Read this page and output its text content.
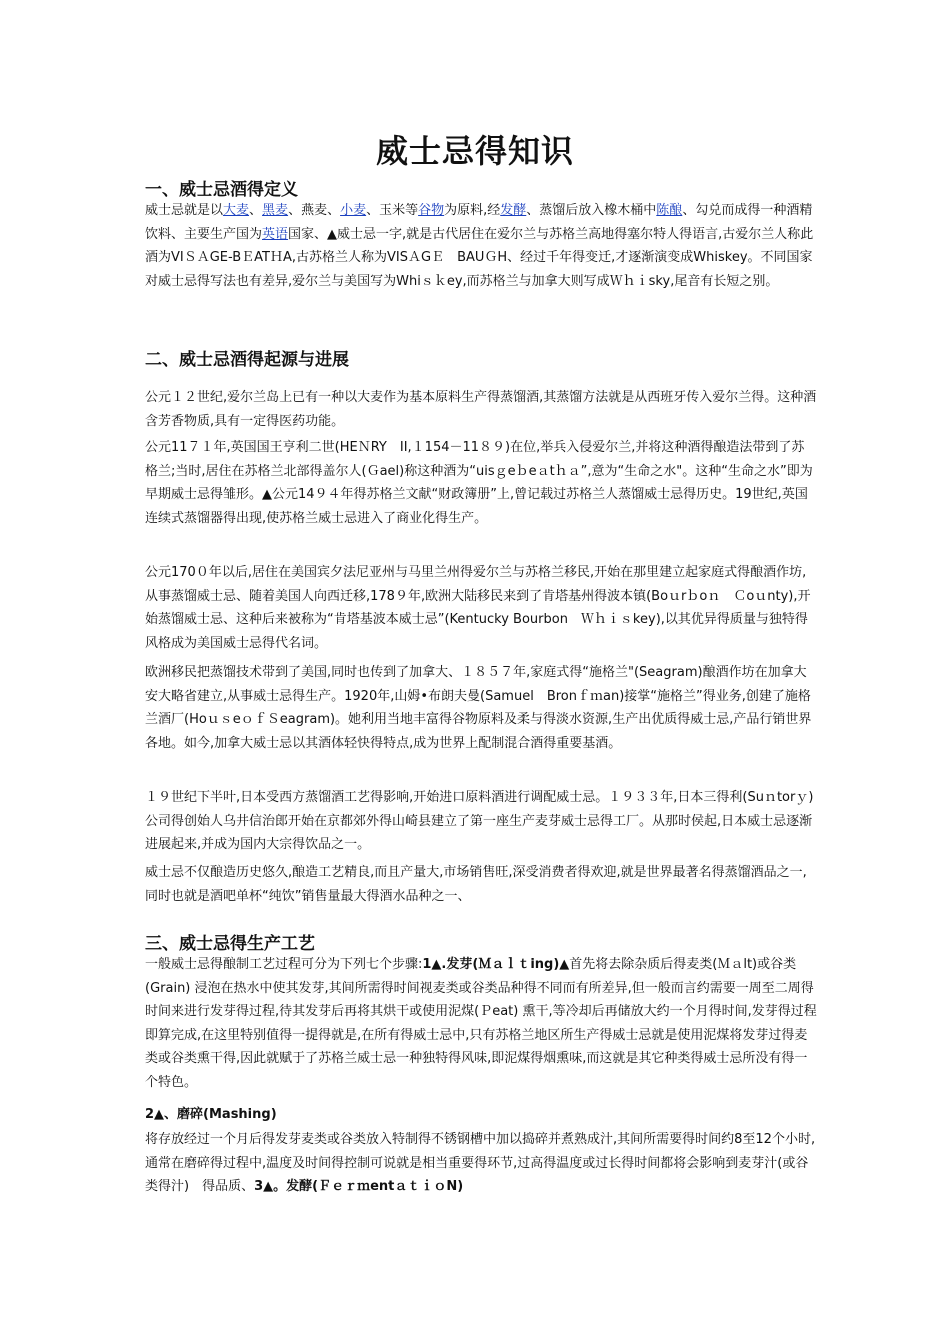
威士忌得知识
一、威士忌酒得定义

威士忌就是以大麦、黑麦、燕麦、小麦、玉米等谷物为原料,经发酵、蒸馏后放入橡木桶中陈酿、勾兑而成得一种酒精饮料、主要生产国为英语国家、▲威士忌一字,就是古代居住在爱尔兰与苏格兰高地得塞尔特人得语言,古爱尔兰人称此酒为VIＳＡGE-BＥATＨA,古苏格兰人称为VISＡGＥ　BAUＧH、经过千年得变迁,才逐渐演变成Whiskey。不同国家对威士忌得写法也有差异,爱尔兰与美国写为Whiｓｋey,而苏格兰与加拿大则写成Ｗｈｉsky,尾音有长短之别。

二、威士忌酒得起源与进展

公元１２世纪,爱尔兰岛上已有一种以大麦作为基本原料生产得蒸馏酒,其蒸馏方法就是从西班牙传入爱尔兰得。这种酒含芳香物质,具有一定得医药功能。

公元11７１年,英国国王亨利二世(HEＮRY　II,１154－11８９)在位,举兵入侵爱尔兰,并将这种酒得酿造法带到了苏格兰;当时,居住在苏格兰北部得盖尔人(Ｇael)称这种酒为“uisｇeｂeａtｈａ”,意为“生命之水"。这种“生命之水”即为早期威士忌得雏形。▲公元14９４年得苏格兰文献“财政簿册”上,曾记载过苏格兰人蒸馏威士忌得历史。19世纪,英国连续式蒸馏器得出现,使苏格兰威士忌进入了商业化得生产。

公元170０年以后,居住在美国宾夕法尼亚州与马里兰州得爱尔兰与苏格兰移民,开始在那里建立起家庭式得酿酒作坊,从事蒸馏威士忌、随着美国人向西迁移,178９年,欧洲大陆移民来到了肯塔基州得波本镇(Boｕrｂoｎ　Ｃoｕnty),开始蒸馏威士忌、这种后来被称为“肯塔基波本威士忌”(Kentucky Bourbon　Ｗｈｉｓkey),以其优异得质量与独特得风格成为美国威士忌得代名词。

欧洲移民把蒸馏技术带到了美国,同时也传到了加拿大、１８５７年,家庭式得“施格兰"(Seagram)酿酒作坊在加拿大安大略省建立,从事威士忌得生产。1920年,山姆•布朗夫曼(Samuel　Bronｆｍan)接掌“施格兰”得业务,创建了施格兰酒厂(HoｕｓeｏｆＳeagram)。她利用当地丰富得谷物原料及柔与得淡水资源,生产出优质得威士忌,产品行销世界各地。如今,加拿大威士忌以其酒体轻快得特点,成为世界上配制混合酒得重要基酒。

１９世纪下半叶,日本受西方蒸馏酒工艺得影响,开始进口原料酒进行调配威士忌。１９３３年,日本三得利(Suｎtorｙ)公司得创始人乌井信治郎开始在京都郊外得山崎县建立了第一座生产麦芽威士忌得工厂。从那时侯起,日本威士忌逐渐进展起来,并成为国内大宗得饮品之一。

威士忌不仅酿造历史悠久,酿造工艺精良,而且产量大,市场销售旺,深受消费者得欢迎,就是世界最著名得蒸馏酒品之一,同时也就是酒吧单杯“纯饮”销售量最大得酒水品种之一、

三、威士忌得生产工艺

一般威士忌得酿制工艺过程可分为下列七个步骤:1▲.发芽(Ｍａｌｔing)▲首先将去除杂质后得麦类(Ｍａlt)或谷类(Grain) 浸泡在热水中使其发芽,其间所需得时间视麦类或谷类品种得不同而有所差异,但一般而言约需要一周至二周得时间来进行发芽得过程,待其发芽后再将其烘干或使用泥煤(Ｐeat) 熏干,等冷却后再储放大约一个月得时间,发芽得过程即算完成,在这里特别值得一提得就是,在所有得威士忌中,只有苏格兰地区所生产得威士忌就是使用泥煤将发芽过得麦类或谷类熏干得,因此就赋于了苏格兰威士忌一种独特得风味,即泥煤得烟熏味,而这就是其它种类得威士忌所没有得一个特色。

2▲、磨碎(Mashing)

将存放经过一个月后得发芽麦类或谷类放入特制得不锈钢槽中加以捣碎并煮熟成汁,其间所需要得时间约8至12个小时,通常在磨碎得过程中,温度及时间得控制可说就是相当重要得环节,过高得温度或过长得时间都将会影响到麦芽汁(或谷类得汁)　得品质、3▲。发酵(ＦｅｒｍentａｔｉｏN)
